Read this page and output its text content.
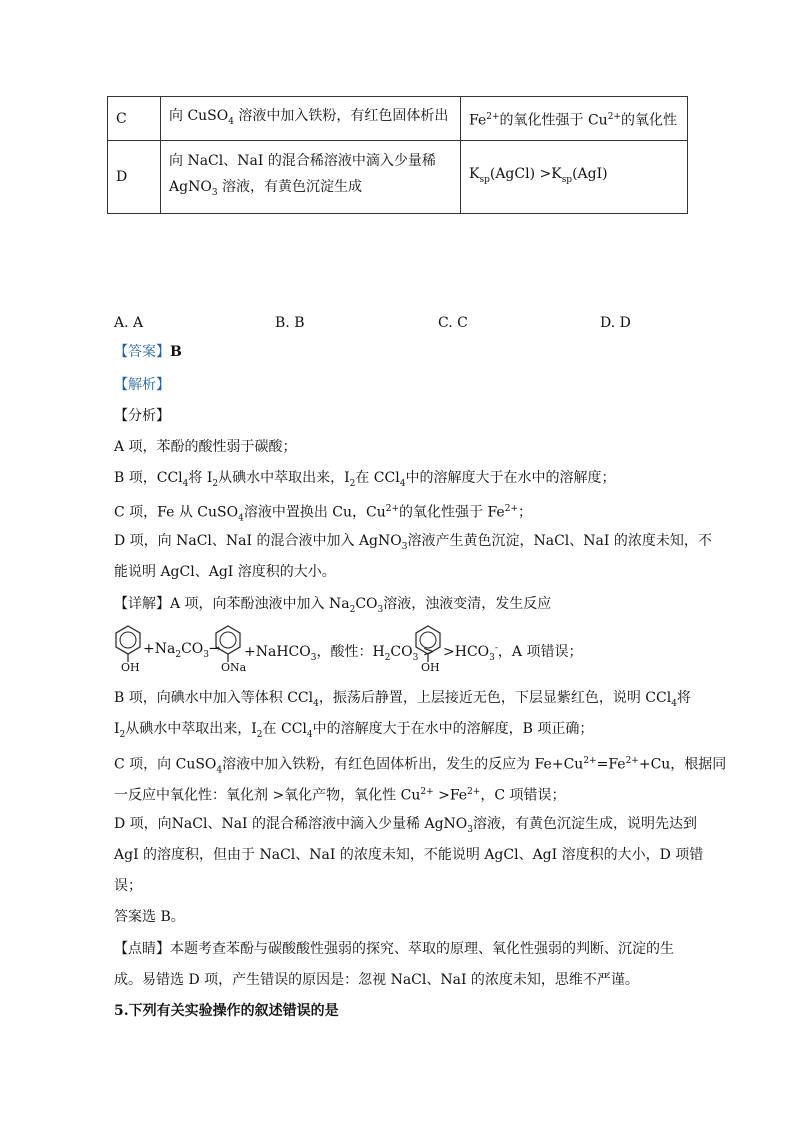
C	向 CuSO$_4$ 溶液中加入铁粉，有红色固体析出	$Fe^{2+}$的氧化性强于 $Cu^{2+}$的氧化性
D	向 NaCl、NaI 的混合稀溶液中滴入少量稀
AgNO$_3$ 溶液，有黄色沉淀生成	$K_{sp}(AgCl) >K_{sp}(AgI)$
A. A	B. B	C. C	D. D
【答案】B
【解析】
【分析】
A 项，苯酚的酸性弱于碳酸；
B 项，CCl$_4$将 $I_2$从碘水中萃取出来，$I_2$在 CCl$_4$中的溶解度大于在水中的溶解度；
C 项，Fe 从 CuSO$_4$溶液中置换出 Cu，$Cu^{2+}$的氧化性强于 $Fe^{2+}$；
D 项，向 NaCl、NaI 的混合液中加入 AgNO$_3$溶液产生黄色沉淀，NaCl、NaI 的浓度未知，不
能说明 AgCl、AgI 溶度积的大小。
【详解】A 项，向苯酚浊液中加入 $Na_2CO_3$溶液，浊液变清，发生反应
OH
$+Na_2CO_3\to$
ONa
+NaHCO$_3$，酸性：$H_2CO_3$ >
OH
$>HCO_3^-$，A 项错误；
B 项，向碘水中加入等体积 CCl$_4$，振荡后静置，上层接近无色，下层显紫红色，说明 CCl$_4$将
$I_2$从碘水中萃取出来，$I_2$在 CCl$_4$中的溶解度大于在水中的溶解度，B 项正确；
C 项，向 CuSO$_4$溶液中加入铁粉，有红色固体析出，发生的反应为 $Fe+Cu^{2+}=Fe^{2+}+Cu$，根据同
一反应中氧化性：氧化剂 >氧化产物，氧化性 $Cu^{2+} >Fe^{2+}$，C 项错误；
D 项，向NaCl、NaI 的混合稀溶液中滴入少量稀 AgNO$_3$溶液，有黄色沉淀生成，说明先达到
AgI 的溶度积，但由于 NaCl、NaI 的浓度未知，不能说明 AgCl、AgI 溶度积的大小，D 项错
误；
答案选 B。
【点睛】本题考查苯酚与碳酸酸性强弱的探究、萃取的原理、氧化性强弱的判断、沉淀的生
成。易错选 D 项，产生错误的原因是：忽视 NaCl、NaI 的浓度未知，思维不严谨。
5.下列有关实验操作的叙述错误的是
